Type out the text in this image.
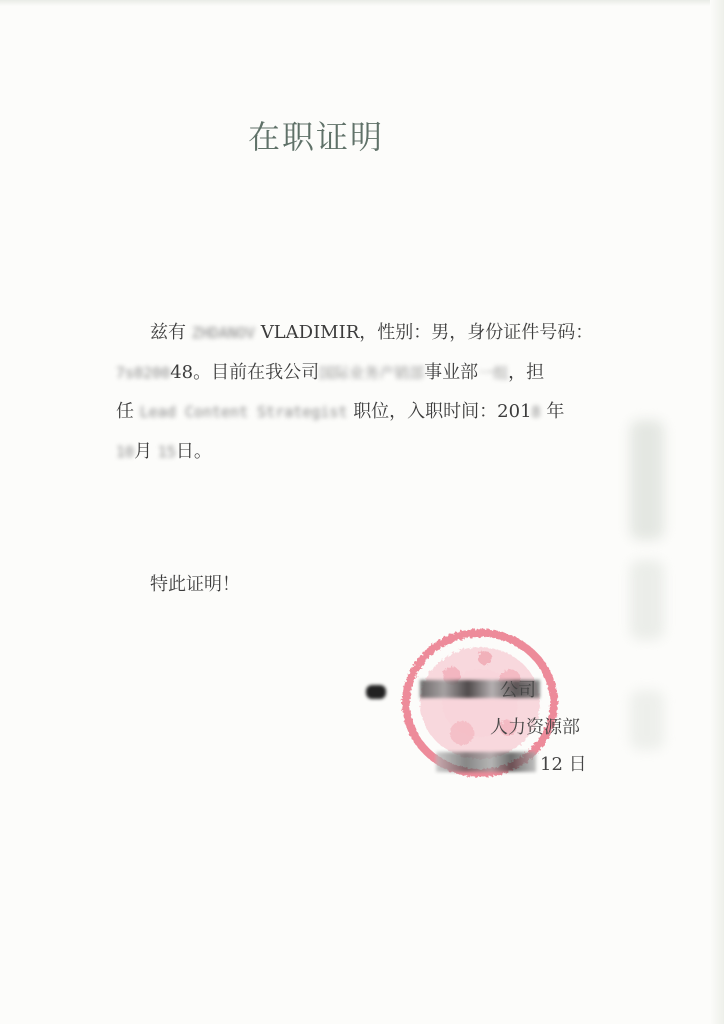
在职证明
兹有 ZHDANOV VLADIMIR，性别：男，身份证件号码：
7s020048。目前在我公司国际业务产销部事业部一组，担
任 Lead Content Strategist 职位，入职时间：2018 年
10月 15日。
特此证明！
公司
人力资源部
12 日
